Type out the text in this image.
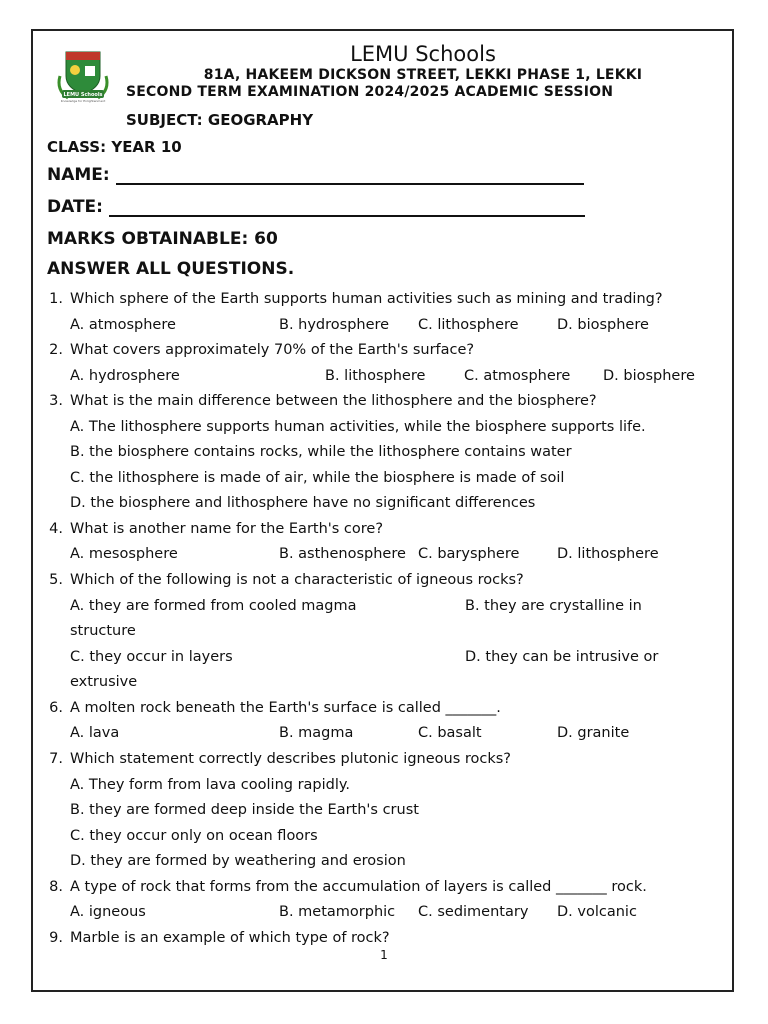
LEMU Schools
Knowledge for Enlightenment
LEMU Schools
81A, HAKEEM DICKSON STREET, LEKKI PHASE 1, LEKKI
SECOND TERM EXAMINATION 2024/2025 ACADEMIC SESSION
SUBJECT: GEOGRAPHY
CLASS: YEAR 10
NAME:
DATE:
MARKS OBTAINABLE: 60
ANSWER ALL QUESTIONS.
1. Which sphere of the Earth supports human activities such as mining and trading?
A. atmosphere	B. hydrosphere C. lithosphere	D. biosphere
2. What covers approximately 70% of the Earth's surface?
A. hydrosphere	B. lithosphere	C. atmosphere D. biosphere
3. What is the main difference between the lithosphere and the biosphere?
A. The lithosphere supports human activities, while the biosphere supports life.
B. the biosphere contains rocks, while the lithosphere contains water
C. the lithosphere is made of air, while the biosphere is made of soil
D. the biosphere and lithosphere have no significant differences
4. What is another name for the Earth's core?
A. mesosphere	B. asthenosphere C. barysphere	D. lithosphere
5. Which of the following is not a characteristic of igneous rocks?
A. they are formed from cooled magma	B. they are crystalline in
structure
C. they occur in layers	D. they can be intrusive or
extrusive
6. A molten rock beneath the Earth's surface is called _______.
A. lava	B. magma	C. basalt	D. granite
7. Which statement correctly describes plutonic igneous rocks?
A. They form from lava cooling rapidly.
B. they are formed deep inside the Earth's crust
C. they occur only on ocean floors
D. they are formed by weathering and erosion
8. A type of rock that forms from the accumulation of layers is called _______ rock.
A. igneous	B. metamorphic C. sedimentary D. volcanic
9. Marble is an example of which type of rock?
1
